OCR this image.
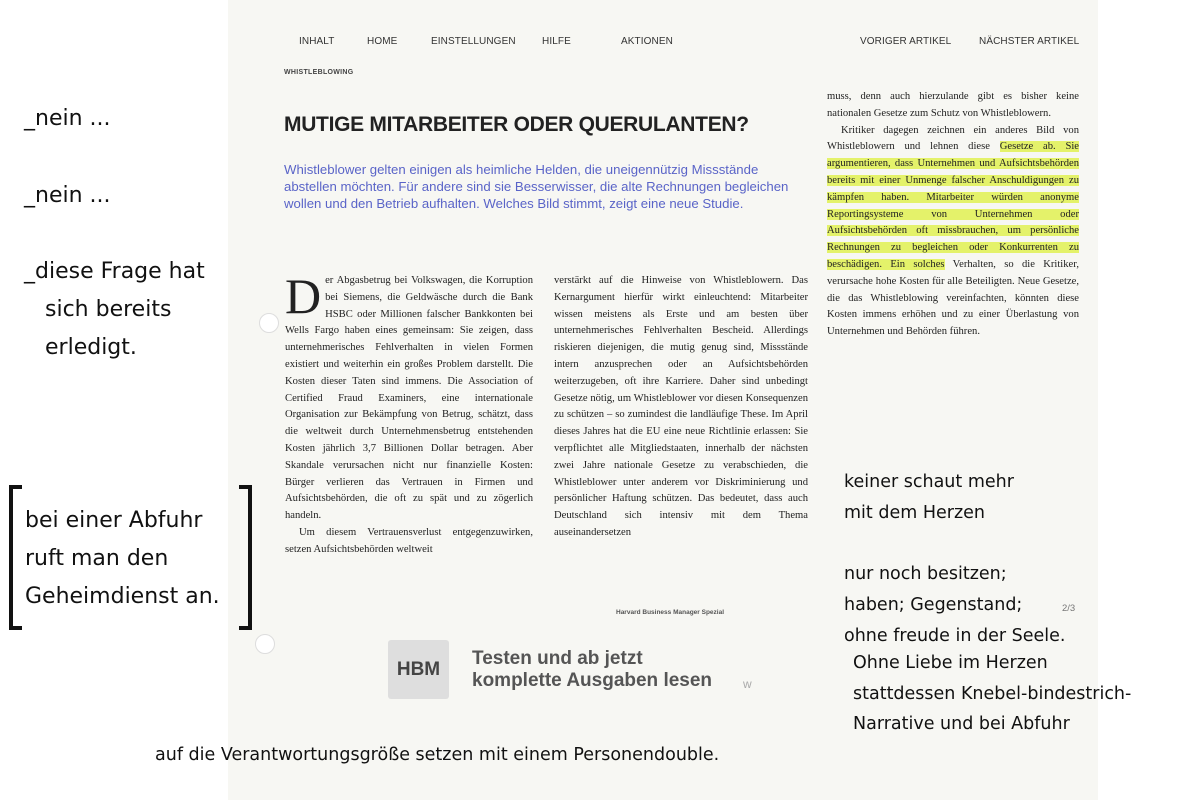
INHALT	HOME	EINSTELLUNGEN	HILFE	AKTIONEN	VORIGER ARTIKEL	NÄCHSTER ARTIKEL
WHISTLEBLOWING
MUTIGE MITARBEITER ODER QUERULANTEN?
Whistleblower gelten einigen als heimliche Helden, die uneigennützig Missstände abstellen möchten. Für andere sind sie Besserwisser, die alte Rechnungen begleichen wollen und den Betrieb aufhalten. Welches Bild stimmt, zeigt eine neue Studie.
D er Abgasbetrug bei Volkswagen, die Korruption bei Siemens, die Geldwäsche durch die Bank HSBC oder Millionen falscher Bankkonten bei Wells Fargo haben eines gemeinsam: Sie zeigen, dass unternehmerisches Fehlverhalten in vielen Formen existiert und weiterhin ein großes Problem darstellt. Die Kosten dieser Taten sind immens. Die Association of Certified Fraud Examiners, eine internationale Organisation zur Bekämpfung von Betrug, schätzt, dass die weltweit durch Unternehmensbetrug entstehenden Kosten jährlich 3,7 Billionen Dollar betragen. Aber Skandale verursachen nicht nur finanzielle Kosten: Bürger verlieren das Vertrauen in Firmen und Aufsichtsbehörden, die oft zu spät und zu zögerlich handeln.

Um diesem Vertrauensverlust entgegenzuwirken, setzen Aufsichtsbehörden weltweit

verstärkt auf die Hinweise von Whistleblowern. Das Kernargument hierfür wirkt einleuchtend: Mitarbeiter wissen meistens als Erste und am besten über unternehmerisches Fehlverhalten Bescheid. Allerdings riskieren diejenigen, die mutig genug sind, Missstände intern anzusprechen oder an Aufsichtsbehörden weiterzugeben, oft ihre Karriere. Daher sind unbedingt Gesetze nötig, um Whistleblower vor diesen Konsequenzen zu schützen – so zumindest die landläufige These. Im April dieses Jahres hat die EU eine neue Richtlinie erlassen: Sie verpflichtet alle Mitgliedstaaten, innerhalb der nächsten zwei Jahre nationale Gesetze zu verabschieden, die Whistleblower unter anderem vor Diskriminierung und persönlicher Haftung schützen. Das bedeutet, dass auch Deutschland sich intensiv mit dem Thema auseinandersetzen

muss, denn auch hierzulande gibt es bisher keine nationalen Gesetze zum Schutz von Whistleblowern.

Kritiker dagegen zeichnen ein anderes Bild von Whistleblowern und lehnen diese Gesetze ab. Sie argumentieren, dass Unternehmen und Aufsichtsbehörden bereits mit einer Unmenge falscher Anschuldigungen zu kämpfen haben. Mitarbeiter würden anonyme Reportingsysteme von Unternehmen oder Aufsichtsbehörden oft missbrauchen, um persönliche Rechnungen zu begleichen oder Konkurrenten zu beschädigen. Ein solches Verhalten, so die Kritiker, verursache hohe Kosten für alle Beteiligten. Neue Gesetze, die das Whistleblowing vereinfachten, könnten diese Kosten immens erhöhen und zu einer Überlastung von Unternehmen und Behörden führen.

Harvard Business Manager Spezial	2/3
HBM	Testen und ab jetzt
komplette Ausgaben lesen	w
_nein ...
_nein ...
_diese Frage hat
sich bereits
erledigt.
bei einer Abfuhr
ruft man den
Geheimdienst an.
keiner schaut mehr
mit dem Herzen
nur noch besitzen;
haben; Gegenstand;
ohne freude in der Seele.
Ohne Liebe im Herzen
stattdessen Knebel-bindestrich-
Narrative und bei Abfuhr
auf die Verantwortungsgröße setzen mit einem Personendouble.
